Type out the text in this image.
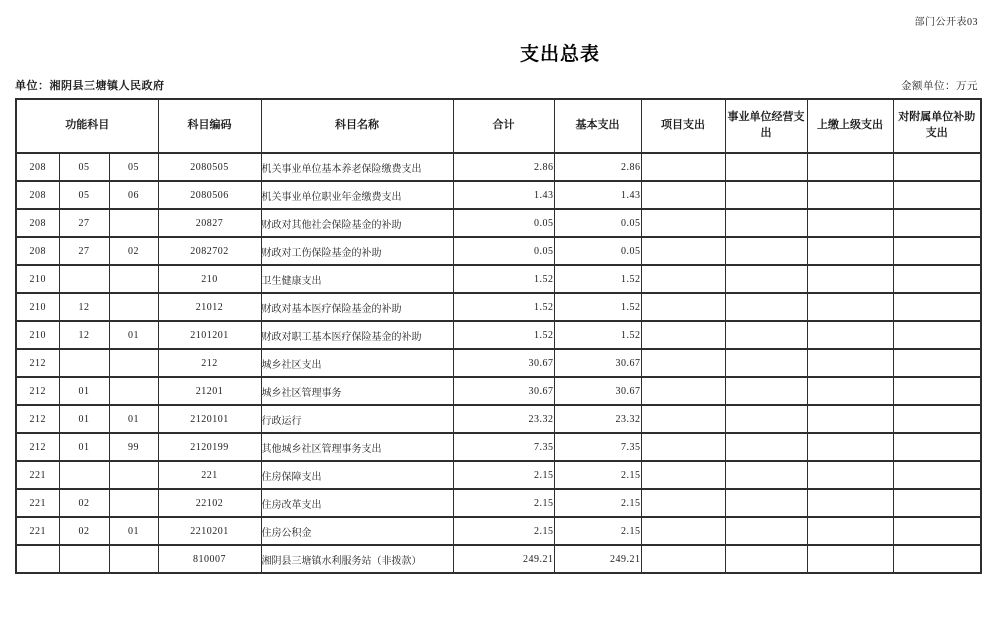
部门公开表03
支出总表
单位：湘阴县三塘镇人民政府	金额单位：万元
功能科目			科目编码	科目名称	合计	基本支出	项目支出	事业单位经营支出	上缴上级支出	对附属单位补助支出
208	05	05	2080505	机关事业单位基本养老保险缴费支出	2.86	2.86				
208	05	06	2080506	机关事业单位职业年金缴费支出	1.43	1.43				
208	27		20827	财政对其他社会保险基金的补助	0.05	0.05				
208	27	02	2082702	财政对工伤保险基金的补助	0.05	0.05				
210			210	卫生健康支出	1.52	1.52				
210	12		21012	财政对基本医疗保险基金的补助	1.52	1.52				
210	12	01	2101201	财政对职工基本医疗保险基金的补助	1.52	1.52				
212			212	城乡社区支出	30.67	30.67				
212	01		21201	城乡社区管理事务	30.67	30.67				
212	01	01	2120101	行政运行	23.32	23.32				
212	01	99	2120199	其他城乡社区管理事务支出	7.35	7.35				
221			221	住房保障支出	2.15	2.15				
221	02		22102	住房改革支出	2.15	2.15				
221	02	01	2210201	住房公积金	2.15	2.15				
			810007	湘阴县三塘镇水利服务站（非拨款）	249.21	249.21				
